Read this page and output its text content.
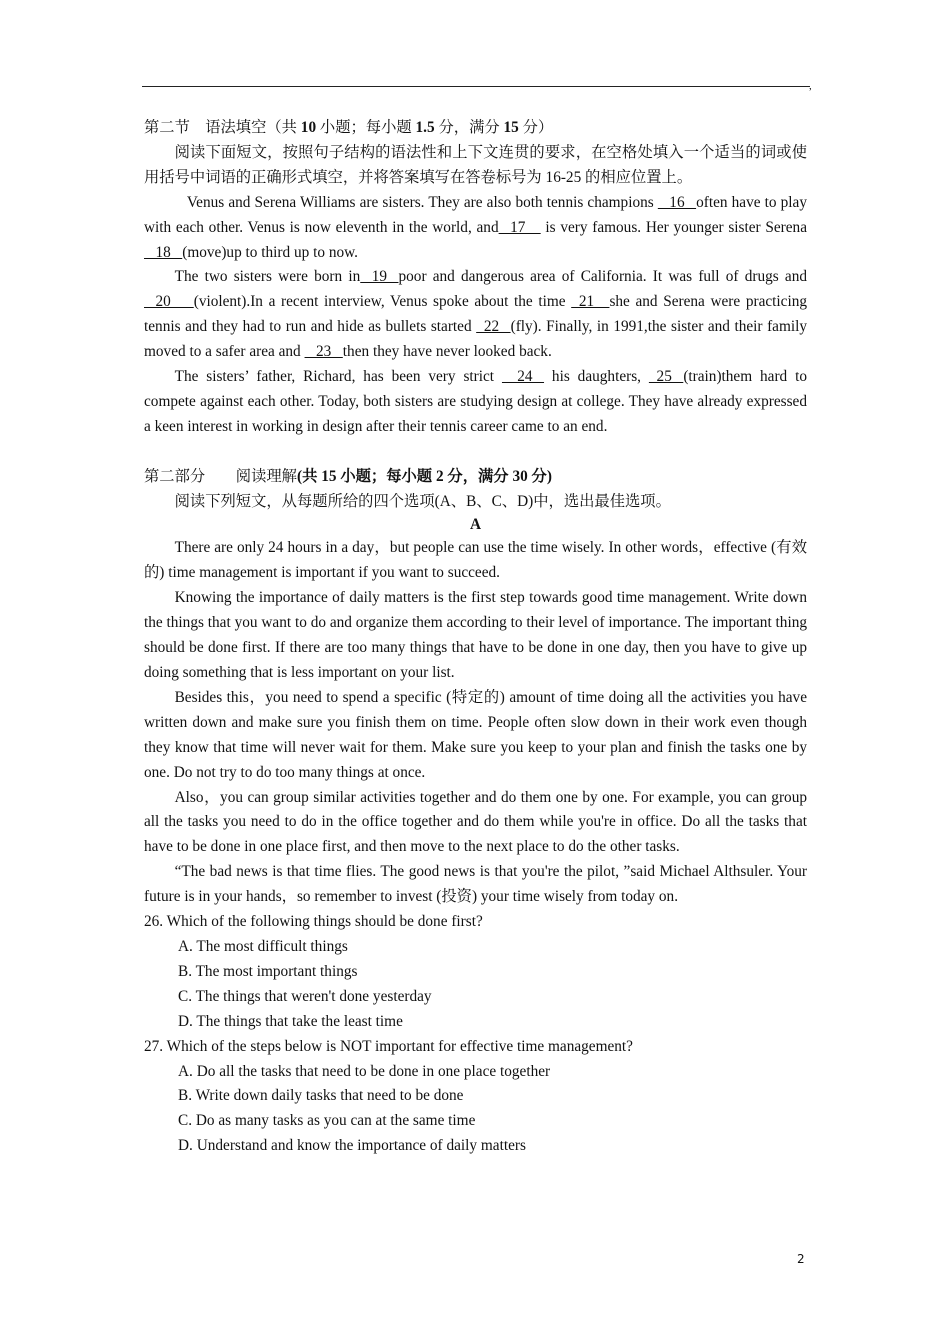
,

第二节　语法填空（共 10 小题；每小题 1.5 分，满分 15 分）

阅读下面短文，按照句子结构的语法性和上下文连贯的要求，在空格处填入一个适当的词或使用括号中词语的正确形式填空，并将答案填写在答卷标号为 16-25 的相应位置上。

Venus and Serena Williams are sisters. They are also both tennis champions    16   often have to play with each other. Venus is now eleventh in the world, and   17     is very famous. Her younger sister Serena    18   (move)up to third up to now.

The two sisters were born in   19   poor and dangerous area of California. It was full of drugs and    20      (violent).In a recent interview, Venus spoke about the time   21    she and Serena were practicing tennis and they had to run and hide as bullets started   22   (fly). Finally, in 1991,the sister and their family moved to a safer area and    23   then they have never looked back.

The sisters’ father, Richard, has been very strict     24    his daughters,   25   (train)them hard to compete against each other. Today, both sisters are studying design at college. They have already expressed a keen interest in working in design after their tennis career came to an end.

第二部分　　阅读理解(共 15 小题；每小题 2 分，满分 30 分)

阅读下列短文，从每题所给的四个选项(A、B、C、D)中，选出最佳选项。

A

There are only 24 hours in a day，but people can use the time wisely. In other words，effective (有效的) time management is important if you want to succeed.

Knowing the importance of daily matters is the first step towards good time management. Write down the things that you want to do and organize them according to their level of importance. The important thing should be done first. If there are too many things that have to be done in one day, then you have to give up doing something that is less important on your list.

Besides this，you need to spend a specific (特定的) amount of time doing all the activities you have written down and make sure you finish them on time. People often slow down in their work even though they know that time will never wait for them. Make sure you keep to your plan and finish the tasks one by one. Do not try to do too many things at once.

Also，you can group similar activities together and do them one by one. For example, you can group all the tasks you need to do in the office together and do them while you're in office. Do all the tasks that have to be done in one place first, and then move to the next place to do the other tasks.

“The bad news is that time flies. The good news is that you're the pilot, ”said Michael Althsuler. Your future is in your hands，so remember to invest (投资) your time wisely from today on.

26. Which of the following things should be done first?

A. The most difficult things

B. The most important things

C. The things that weren't done yesterday

D. The things that take the least time

27. Which of the steps below is NOT important for effective time management?

A. Do all the tasks that need to be done in one place together

B. Write down daily tasks that need to be done

C. Do as many tasks as you can at the same time

D. Understand and know the importance of daily matters

2
